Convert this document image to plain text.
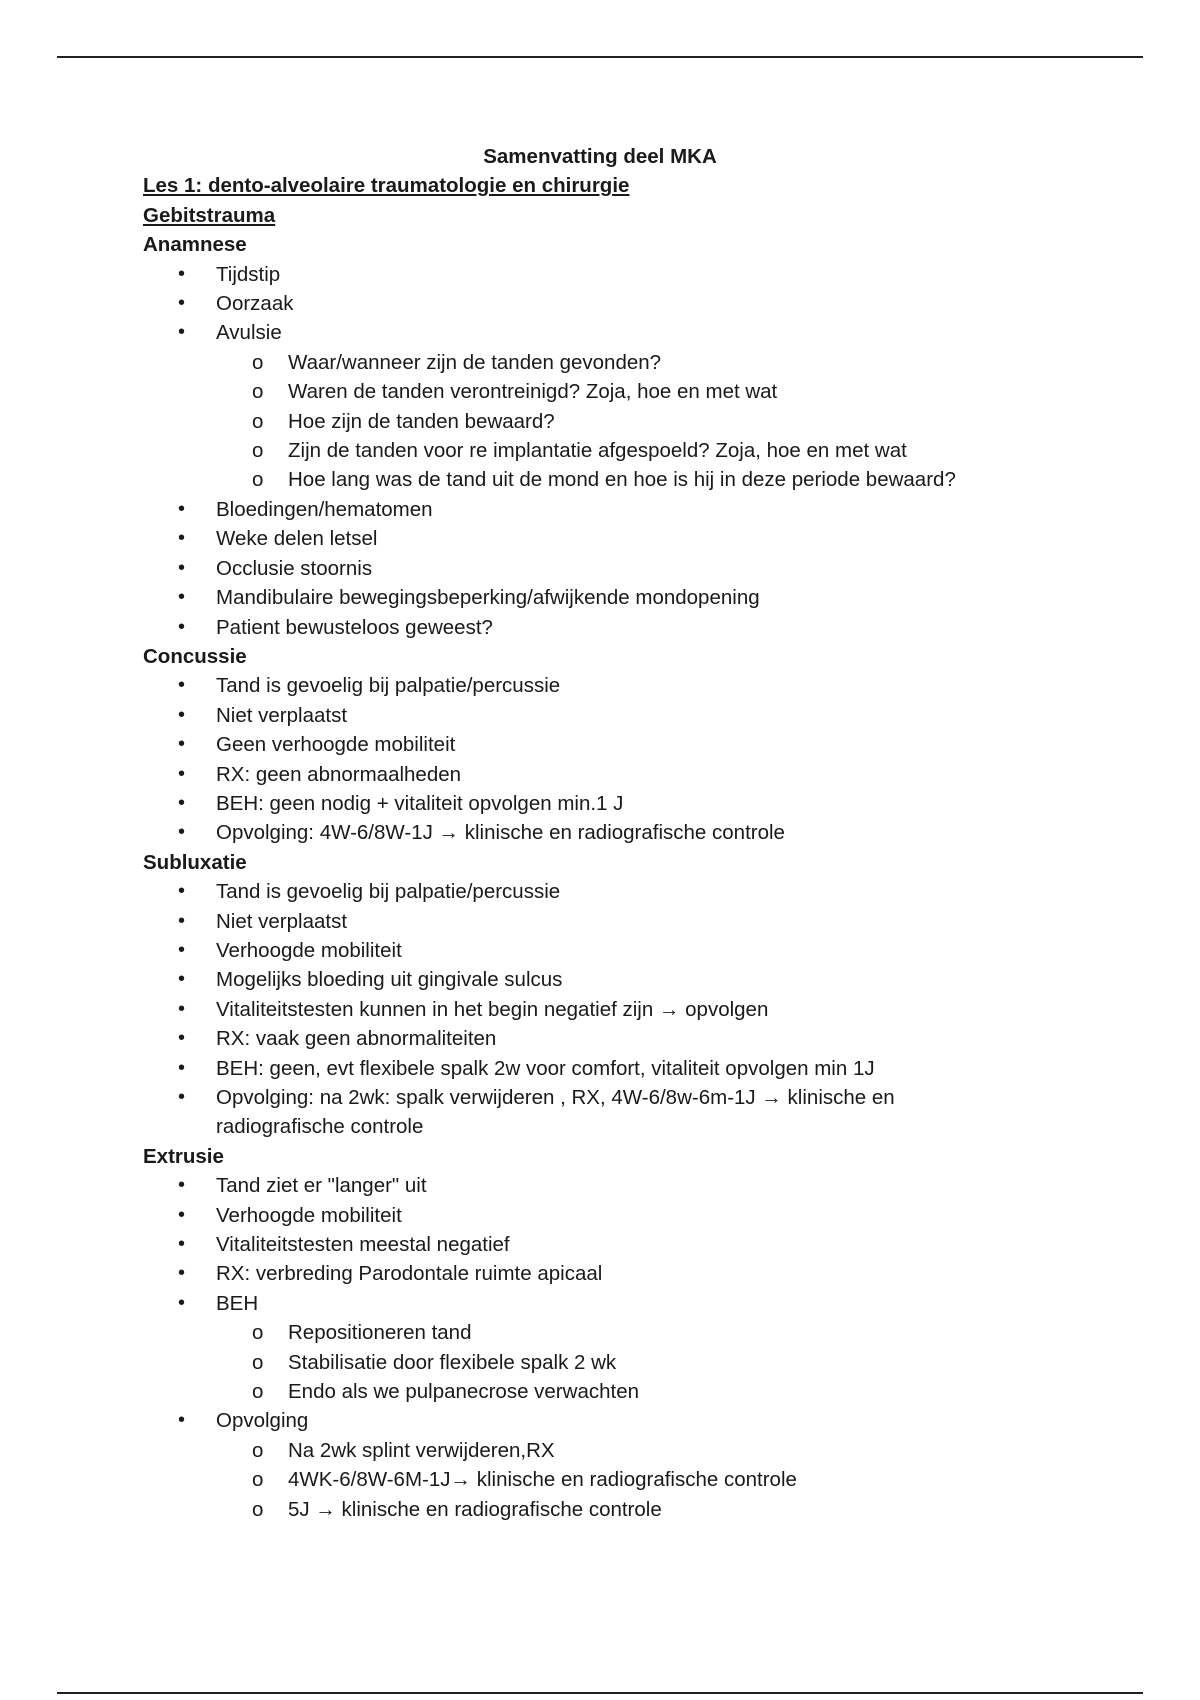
Samenvatting deel MKA
Les 1: dento-alveolaire traumatologie en chirurgie
Gebitstrauma
Anamnese
• Tijdstip
• Oorzaak
• Avulsie
o Waar/wanneer zijn de tanden gevonden?
o Waren de tanden verontreinigd? Zoja, hoe en met wat
o Hoe zijn de tanden bewaard?
o Zijn de tanden voor re implantatie afgespoeld? Zoja, hoe en met wat
o Hoe lang was de tand uit de mond en hoe is hij in deze periode bewaard?
• Bloedingen/hematomen
• Weke delen letsel
• Occlusie stoornis
• Mandibulaire bewegingsbeperking/afwijkende mondopening
• Patient bewusteloos geweest?
Concussie
• Tand is gevoelig bij palpatie/percussie
• Niet verplaatst
• Geen verhoogde mobiliteit
• RX: geen abnormaalheden
• BEH: geen nodig + vitaliteit opvolgen min.1 J
• Opvolging: 4W-6/8W-1J → klinische en radiografische controle
Subluxatie
• Tand is gevoelig bij palpatie/percussie
• Niet verplaatst
• Verhoogde mobiliteit
• Mogelijks bloeding uit gingivale sulcus
• Vitaliteitstesten kunnen in het begin negatief zijn → opvolgen
• RX: vaak geen abnormaliteiten
• BEH: geen, evt flexibele spalk 2w voor comfort, vitaliteit opvolgen min 1J
• Opvolging: na 2wk: spalk verwijderen , RX, 4W-6/8w-6m-1J → klinische en radiografische controle
Extrusie
• Tand ziet er "langer" uit
• Verhoogde mobiliteit
• Vitaliteitstesten meestal negatief
• RX: verbreding Parodontale ruimte apicaal
• BEH
o Repositioneren tand
o Stabilisatie door flexibele spalk 2 wk
o Endo als we pulpanecrose verwachten
• Opvolging
o Na 2wk splint verwijderen,RX
o 4WK-6/8W-6M-1J→ klinische en radiografische controle
o 5J → klinische en radiografische controle
